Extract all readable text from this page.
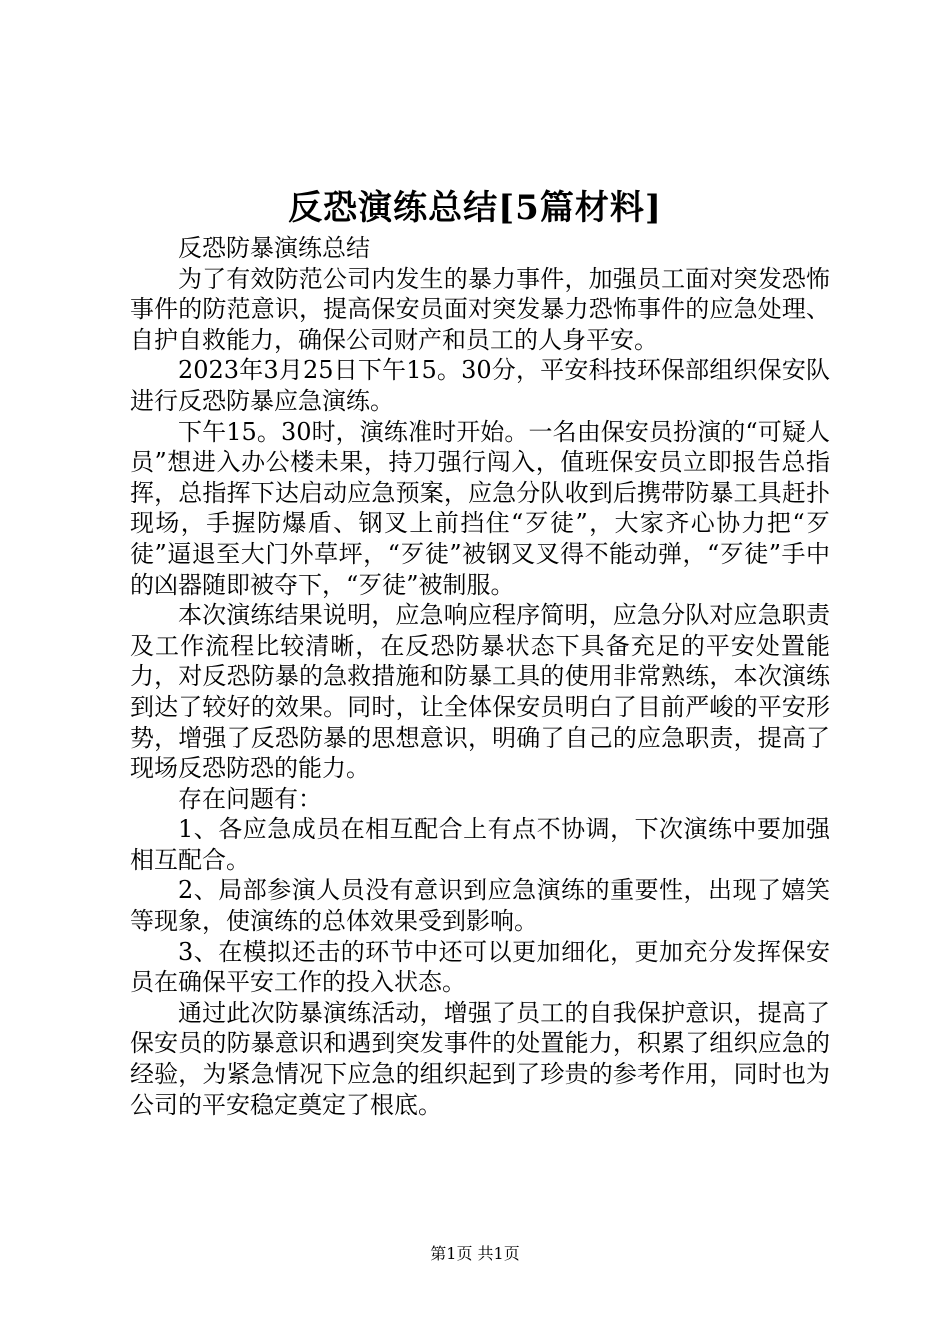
反恐演练总结[5篇材料]

反恐防暴演练总结

为了有效防范公司内发生的暴力事件，加强员工面对突发恐怖事件的防范意识，提高保安员面对突发暴力恐怖事件的应急处理、自护自救能力，确保公司财产和员工的人身平安。

2023年3月25日下午15。30分，平安科技环保部组织保安队进行反恐防暴应急演练。

下午15。30时，演练准时开始。一名由保安员扮演的“可疑人员”想进入办公楼未果，持刀强行闯入，值班保安员立即报告总指挥，总指挥下达启动应急预案，应急分队收到后携带防暴工具赶扑现场，手握防爆盾、钢叉上前挡住“歹徒”，大家齐心协力把“歹徒”逼退至大门外草坪，“歹徒”被钢叉叉得不能动弹，“歹徒”手中的凶器随即被夺下，“歹徒”被制服。

本次演练结果说明，应急响应程序简明，应急分队对应急职责及工作流程比较清晰，在反恐防暴状态下具备充足的平安处置能力，对反恐防暴的急救措施和防暴工具的使用非常熟练，本次演练到达了较好的效果。同时，让全体保安员明白了目前严峻的平安形势，增强了反恐防暴的思想意识，明确了自己的应急职责，提高了现场反恐防恐的能力。

存在问题有：

1、各应急成员在相互配合上有点不协调，下次演练中要加强相互配合。

2、局部参演人员没有意识到应急演练的重要性，出现了嬉笑等现象，使演练的总体效果受到影响。

3、在模拟还击的环节中还可以更加细化，更加充分发挥保安员在确保平安工作的投入状态。

通过此次防暴演练活动，增强了员工的自我保护意识，提高了保安员的防暴意识和遇到突发事件的处置能力，积累了组织应急的经验，为紧急情况下应急的组织起到了珍贵的参考作用，同时也为公司的平安稳定奠定了根底。

第1页 共1页
